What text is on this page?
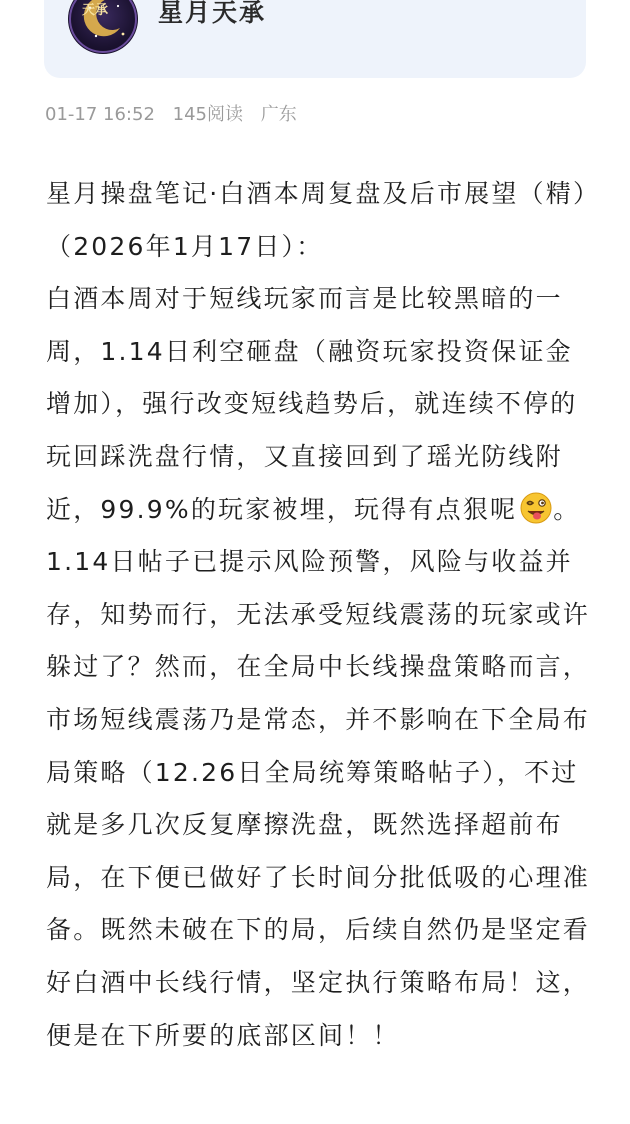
天承 星月天承
01-17 16:52 145阅读 广东

星月操盘笔记·白酒本周复盘及后市展望（精）（2026年1月17日）：

白酒本周对于短线玩家而言是比较黑暗的一周，1.14日利空砸盘（融资玩家投资保证金增加），强行改变短线趋势后，就连续不停的玩回踩洗盘行情，又直接回到了瑶光防线附近，99.9%的玩家被埋，玩得有点狠呢 。1.14日帖子已提示风险预警，风险与收益并存，知势而行，无法承受短线震荡的玩家或许躲过了？然而，在全局中长线操盘策略而言，市场短线震荡乃是常态，并不影响在下全局布局策略（12.26日全局统筹策略帖子），不过就是多几次反复摩擦洗盘，既然选择超前布局，在下便已做好了长时间分批低吸的心理准备。既然未破在下的局，后续自然仍是坚定看好白酒中长线行情，坚定执行策略布局！这，便是在下所要的底部区间！！
